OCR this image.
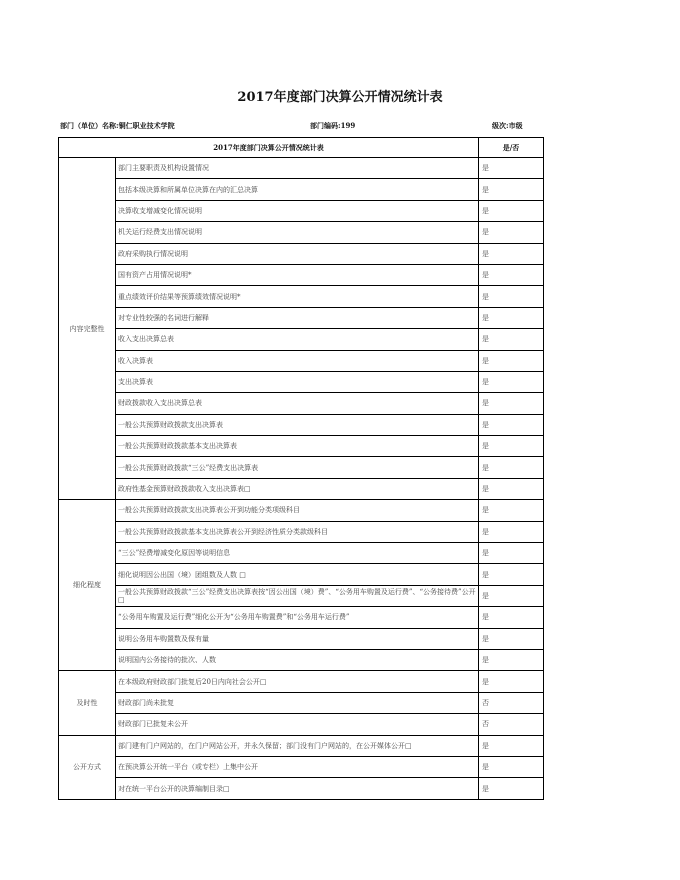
2017年度部门决算公开情况统计表
部门（单位）名称:铜仁职业技术学院	部门编码:199	级次:市级
2017年度部门决算公开情况统计表		是/否
内容完整性	部门主要职责及机构设置情况	是
	包括本级决算和所属单位决算在内的汇总决算	是
	决算收支增减变化情况说明	是
	机关运行经费支出情况说明	是
	政府采购执行情况说明	是
	国有资产占用情况说明*	是
	重点绩效评价结果等预算绩效情况说明*	是
	对专业性较强的名词进行解释	是
	收入支出决算总表	是
	收入决算表	是
	支出决算表	是
	财政拨款收入支出决算总表	是
	一般公共预算财政拨款支出决算表	是
	一般公共预算财政拨款基本支出决算表	是
	一般公共预算财政拨款“三公”经费支出决算表	是
	政府性基金预算财政拨款收入支出决算表□	是
细化程度	一般公共预算财政拨款支出决算表公开到功能分类项级科目	是
	一般公共预算财政拨款基本支出决算表公开到经济性质分类款级科目	是
	“三公”经费增减变化原因等说明信息	是
	细化说明因公出国（境）团组数及人数 □	是
	一般公共预算财政拨款“三公”经费支出决算表按“因公出国（境）费”、“公务用车购置及运行费”、“公务接待费”公开□	是
	“公务用车购置及运行费”细化公开为“公务用车购置费”和“公务用车运行费”	是
	说明公务用车购置数及保有量	是
	说明国内公务接待的批次、人数	是
及时性	在本级政府财政部门批复后20日内向社会公开□	是
	财政部门尚未批复	否
	财政部门已批复未公开	否
公开方式	部门建有门户网站的，在门户网站公开，并永久保留；部门没有门户网站的，在公开媒体公开□	是
	在预决算公开统一平台（或专栏）上集中公开	是
	对在统一平台公开的决算编制目录□	是
